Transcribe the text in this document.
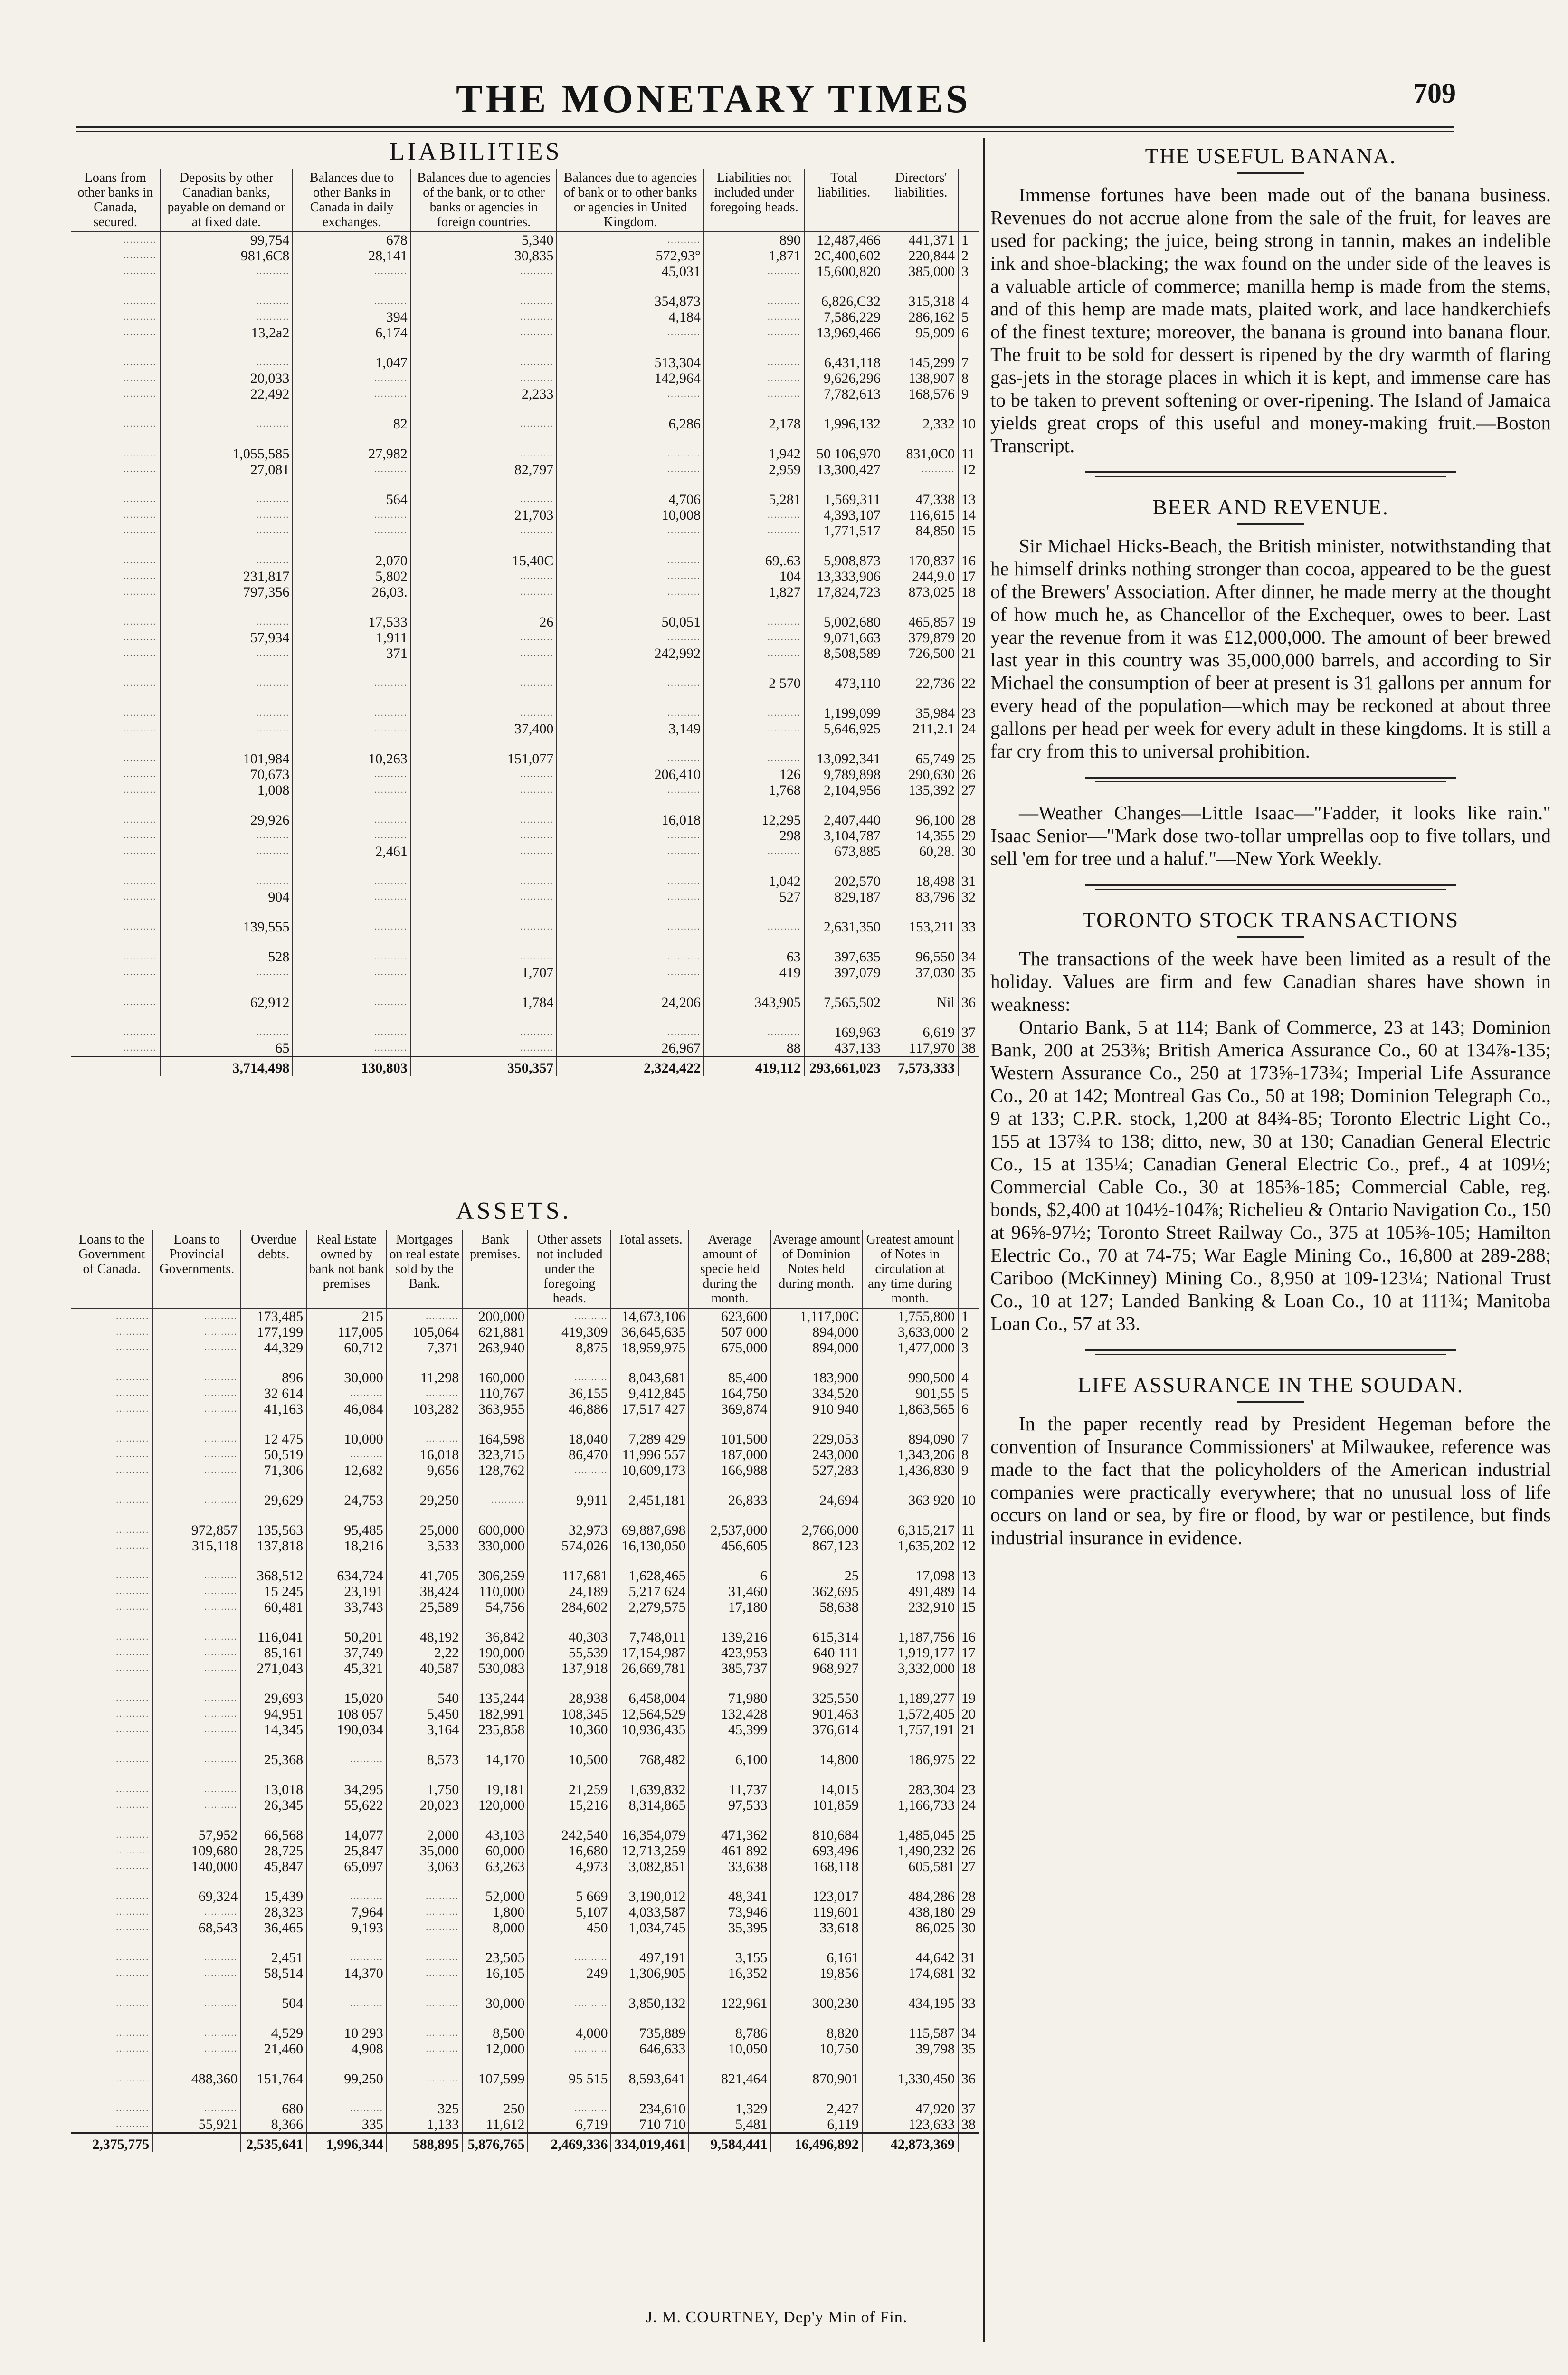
THE MONETARY TIMES	709
LIABILITIES
Loans from other banks in Canada, secured.	Deposits by other Canadian banks, payable on demand or at fixed date.	Balances due to other Banks in Canada in daily exchanges.	Balances due to agencies of the bank, or to other banks or agencies in foreign countries.	Balances due to agencies of bank or to other banks or agencies in United Kingdom.	Liabilities not included under foregoing heads.	Total liabilities.	Directors' liabilities.	
..........	99,754	678	5,340	..........	890	12,487,466	441,371	1
..........	981,6C8	28,141	30,835	572,93°	1,871	2C,400,602	220,844	2
..........	..........	..........	..........	45,031	..........	15,600,820	385,000	3

..........	..........	..........	..........	354,873	..........	6,826,C32	315,318	4
..........	..........	394	..........	4,184	..........	7,586,229	286,162	5
..........	13,2a2	6,174	..........	..........	..........	13,969,466	95,909	6

..........	..........	1,047	..........	513,304	..........	6,431,118	145,299	7
..........	20,033	..........	..........	142,964	..........	9,626,296	138,907	8
..........	22,492	..........	2,233	..........	..........	7,782,613	168,576	9

..........	..........	82	..........	6,286	2,178	1,996,132	2,332	10

..........	1,055,585	27,982	..........	..........	1,942	50 106,970	831,0C0	11
..........	27,081	..........	82,797	..........	2,959	13,300,427	..........	12

..........	..........	564	..........	4,706	5,281	1,569,311	47,338	13
..........	..........	..........	21,703	10,008	..........	4,393,107	116,615	14
..........	..........	..........	..........	..........	..........	1,771,517	84,850	15

..........	..........	2,070	15,40C	..........	69,.63	5,908,873	170,837	16
..........	231,817	5,802	..........	..........	104	13,333,906	244,9.0	17
..........	797,356	26,03.	..........	..........	1,827	17,824,723	873,025	18

..........	..........	17,533	26	50,051	..........	5,002,680	465,857	19
..........	57,934	1,911	..........	..........	..........	9,071,663	379,879	20
..........	..........	371	..........	242,992	..........	8,508,589	726,500	21

..........	..........	..........	..........	..........	2 570	473,110	22,736	22

..........	..........	..........	..........	..........	..........	1,199,099	35,984	23
..........	..........	..........	37,400	3,149	..........	5,646,925	211,2.1	24

..........	101,984	10,263	151,077	..........	..........	13,092,341	65,749	25
..........	70,673	..........	..........	206,410	126	9,789,898	290,630	26
..........	1,008	..........	..........	..........	1,768	2,104,956	135,392	27

..........	29,926	..........	..........	16,018	12,295	2,407,440	96,100	28
..........	..........	..........	..........	..........	298	3,104,787	14,355	29
..........	..........	2,461	..........	..........	..........	673,885	60,28.	30

..........	..........	..........	..........	..........	1,042	202,570	18,498	31
..........	904	..........	..........	..........	527	829,187	83,796	32

..........	139,555	..........	..........	..........	..........	2,631,350	153,211	33

..........	528	..........	..........	..........	63	397,635	96,550	34
..........	..........	..........	1,707	..........	419	397,079	37,030	35

..........	62,912	..........	1,784	24,206	343,905	7,565,502	Nil	36

..........	..........	..........	..........	..........	..........	169,963	6,619	37
..........	65	..........	..........	26,967	88	437,133	117,970	38
	3,714,498	130,803	350,357	2,324,422	419,112	293,661,023	7,573,333	
ASSETS.
Loans to the Government of Canada.	Loans to Provincial Governments.	Overdue debts.	Real Estate owned by bank not bank premises	Mortgages on real estate sold by the Bank.	Bank premises.	Other assets not included under the foregoing heads.	Total assets.	Average amount of specie held during the month.	Average amount of Dominion Notes held during month.	Greatest amount of Notes in circulation at any time during month.	
..........	..........	173,485	215	..........	200,000	..........	14,673,106	623,600	1,117,00C	1,755,800	1
..........	..........	177,199	117,005	105,064	621,881	419,309	36,645,635	507 000	894,000	3,633,000	2
..........	..........	44,329	60,712	7,371	263,940	8,875	18,959,975	675,000	894,000	1,477,000	3

..........	..........	896	30,000	11,298	160,000	..........	8,043,681	85,400	183,900	990,500	4
..........	..........	32 614	..........	..........	110,767	36,155	9,412,845	164,750	334,520	901,55	5
..........	..........	41,163	46,084	103,282	363,955	46,886	17,517 427	369,874	910 940	1,863,565	6

..........	..........	12 475	10,000	..........	164,598	18,040	7,289 429	101,500	229,053	894,090	7
..........	..........	50,519	..........	16,018	323,715	86,470	11,996 557	187,000	243,000	1,343,206	8
..........	..........	71,306	12,682	9,656	128,762	..........	10,609,173	166,988	527,283	1,436,830	9

..........	..........	29,629	24,753	29,250	..........	9,911	2,451,181	26,833	24,694	363 920	10

..........	972,857	135,563	95,485	25,000	600,000	32,973	69,887,698	2,537,000	2,766,000	6,315,217	11
..........	315,118	137,818	18,216	3,533	330,000	574,026	16,130,050	456,605	867,123	1,635,202	12

..........	..........	368,512	634,724	41,705	306,259	117,681	1,628,465	6	25	17,098	13
..........	..........	15 245	23,191	38,424	110,000	24,189	5,217 624	31,460	362,695	491,489	14
..........	..........	60,481	33,743	25,589	54,756	284,602	2,279,575	17,180	58,638	232,910	15

..........	..........	116,041	50,201	48,192	36,842	40,303	7,748,011	139,216	615,314	1,187,756	16
..........	..........	85,161	37,749	2,22	190,000	55,539	17,154,987	423,953	640 111	1,919,177	17
..........	..........	271,043	45,321	40,587	530,083	137,918	26,669,781	385,737	968,927	3,332,000	18

..........	..........	29,693	15,020	540	135,244	28,938	6,458,004	71,980	325,550	1,189,277	19
..........	..........	94,951	108 057	5,450	182,991	108,345	12,564,529	132,428	901,463	1,572,405	20
..........	..........	14,345	190,034	3,164	235,858	10,360	10,936,435	45,399	376,614	1,757,191	21

..........	..........	25,368	..........	8,573	14,170	10,500	768,482	6,100	14,800	186,975	22

..........	..........	13,018	34,295	1,750	19,181	21,259	1,639,832	11,737	14,015	283,304	23
..........	..........	26,345	55,622	20,023	120,000	15,216	8,314,865	97,533	101,859	1,166,733	24

..........	57,952	66,568	14,077	2,000	43,103	242,540	16,354,079	471,362	810,684	1,485,045	25
..........	109,680	28,725	25,847	35,000	60,000	16,680	12,713,259	461 892	693,496	1,490,232	26
..........	140,000	45,847	65,097	3,063	63,263	4,973	3,082,851	33,638	168,118	605,581	27

..........	69,324	15,439	..........	..........	52,000	5 669	3,190,012	48,341	123,017	484,286	28
..........	..........	28,323	7,964	..........	1,800	5,107	4,033,587	73,946	119,601	438,180	29
..........	68,543	36,465	9,193	..........	8,000	450	1,034,745	35,395	33,618	86,025	30

..........	..........	2,451	..........	..........	23,505	..........	497,191	3,155	6,161	44,642	31
..........	..........	58,514	14,370	..........	16,105	249	1,306,905	16,352	19,856	174,681	32

..........	..........	504	..........	..........	30,000	..........	3,850,132	122,961	300,230	434,195	33

..........	..........	4,529	10 293	..........	8,500	4,000	735,889	8,786	8,820	115,587	34
..........	..........	21,460	4,908	..........	12,000	..........	646,633	10,050	10,750	39,798	35

..........	488,360	151,764	99,250	..........	107,599	95 515	8,593,641	821,464	870,901	1,330,450	36

..........	..........	680	..........	325	250	..........	234,610	1,329	2,427	47,920	37
..........	55,921	8,366	335	1,133	11,612	6,719	710 710	5,481	6,119	123,633	38
2,375,775		2,535,641	1,996,344	588,895	5,876,765	2,469,336	334,019,461	9,584,441	16,496,892	42,873,369	
THE USEFUL BANANA.

Immense fortunes have been made out of the banana business. Revenues do not accrue alone from the sale of the fruit, for leaves are used for packing; the juice, being strong in tannin, makes an indelible ink and shoe-blacking; the wax found on the under side of the leaves is a valuable article of commerce; manilla hemp is made from the stems, and of this hemp are made mats, plaited work, and lace handkerchiefs of the finest texture; moreover, the banana is ground into banana flour. The fruit to be sold for dessert is ripened by the dry warmth of flaring gas-jets in the storage places in which it is kept, and immense care has to be taken to prevent softening or over-ripening. The Island of Jamaica yields great crops of this useful and money-making fruit.—Boston Transcript.

BEER AND REVENUE.

Sir Michael Hicks-Beach, the British minister, notwithstanding that he himself drinks nothing stronger than cocoa, appeared to be the guest of the Brewers' Association. After dinner, he made merry at the thought of how much he, as Chancellor of the Exchequer, owes to beer. Last year the revenue from it was £12,000,000. The amount of beer brewed last year in this country was 35,000,000 barrels, and according to Sir Michael the consumption of beer at present is 31 gallons per annum for every head of the population—which may be reckoned at about three gallons per head per week for every adult in these kingdoms. It is still a far cry from this to universal prohibition.

—Weather Changes—Little Isaac—"Fadder, it looks like rain." Isaac Senior—"Mark dose two-tollar umprellas oop to five tollars, und sell 'em for tree und a haluf."—New York Weekly.

TORONTO STOCK TRANSACTIONS

The transactions of the week have been limited as a result of the holiday. Values are firm and few Canadian shares have shown in weakness:

Ontario Bank, 5 at 114; Bank of Commerce, 23 at 143; Dominion Bank, 200 at 253⅜; British America Assurance Co., 60 at 134⅞-135; Western Assurance Co., 250 at 173⅝-173¾; Imperial Life Assurance Co., 20 at 142; Montreal Gas Co., 50 at 198; Dominion Telegraph Co., 9 at 133; C.P.R. stock, 1,200 at 84¾-85; Toronto Electric Light Co., 155 at 137¾ to 138; ditto, new, 30 at 130; Canadian General Electric Co., 15 at 135¼; Canadian General Electric Co., pref., 4 at 109½; Commercial Cable Co., 30 at 185⅜-185; Commercial Cable, reg. bonds, $2,400 at 104½-104⅞; Richelieu & Ontario Navigation Co., 150 at 96⅝-97½; Toronto Street Railway Co., 375 at 105⅜-105; Hamilton Electric Co., 70 at 74-75; War Eagle Mining Co., 16,800 at 289-288; Cariboo (McKinney) Mining Co., 8,950 at 109-123¼; National Trust Co., 10 at 127; Landed Banking & Loan Co., 10 at 111¾; Manitoba Loan Co., 57 at 33.

LIFE ASSURANCE IN THE SOUDAN.

In the paper recently read by President Hegeman before the convention of Insurance Commissioners' at Milwaukee, reference was made to the fact that the policyholders of the American industrial companies were practically everywhere; that no unusual loss of life occurs on land or sea, by fire or flood, by war or pestilence, but finds industrial insurance in evidence.

J. M. COURTNEY, Dep'y Min of Fin.
